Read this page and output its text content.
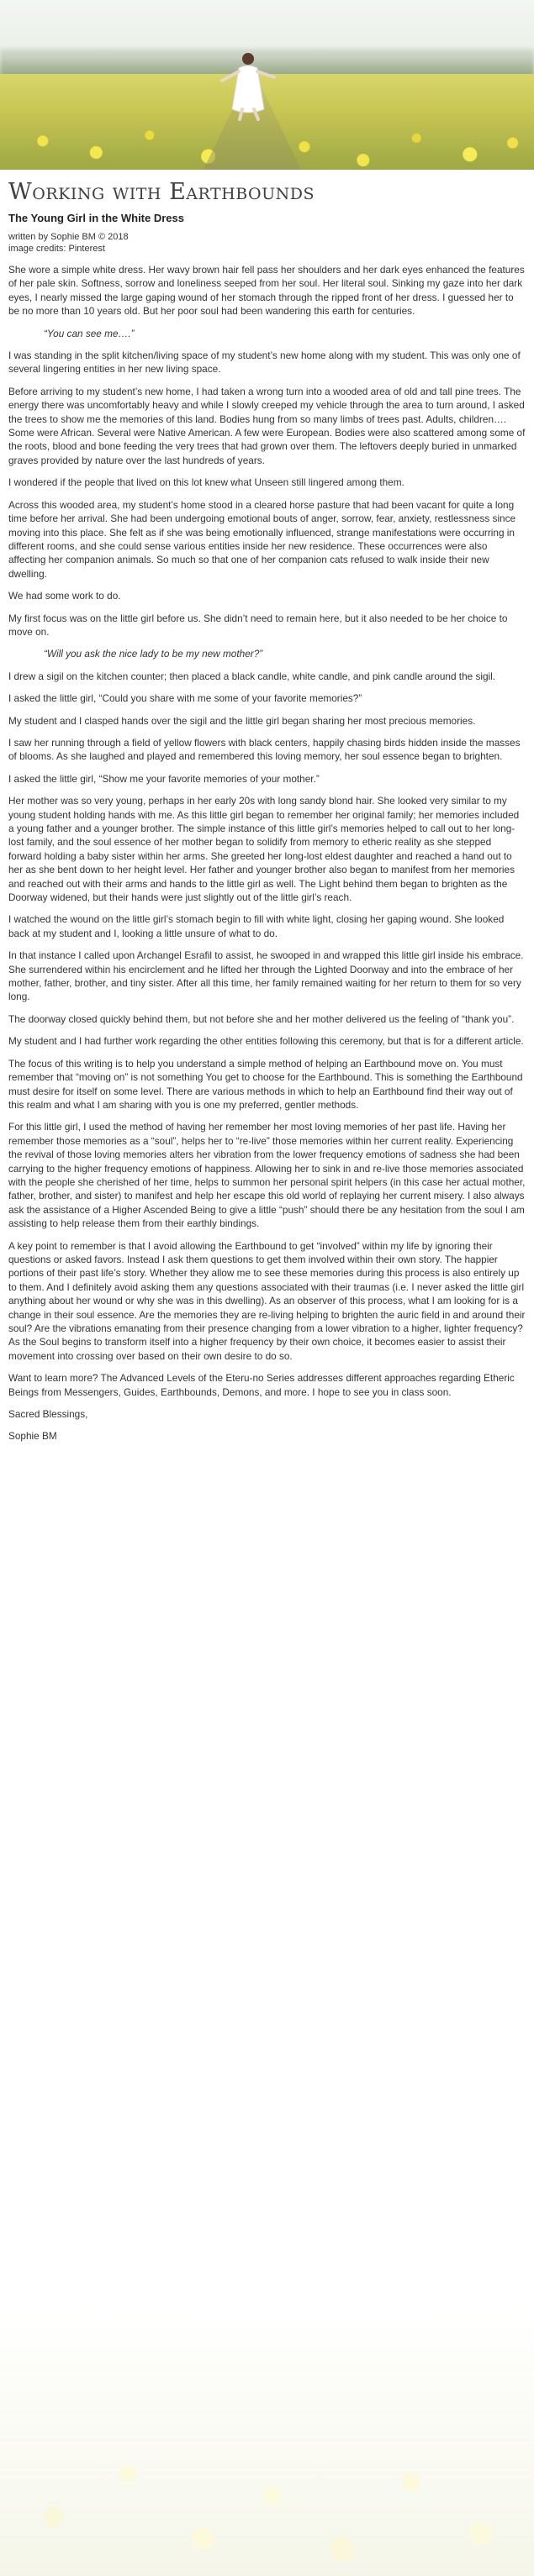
Working with Earthbounds
The Young Girl in the White Dress
written by Sophie BM © 2018
image credits: Pinterest

She wore a simple white dress. Her wavy brown hair fell pass her shoulders and her dark eyes enhanced the features of her pale skin. Softness, sorrow and loneliness seeped from her soul. Her literal soul. Sinking my gaze into her dark eyes, I nearly missed the large gaping wound of her stomach through the ripped front of her dress. I guessed her to be no more than 10 years old. But her poor soul had been wandering this earth for centuries.

“You can see me….”

I was standing in the split kitchen/living space of my student’s new home along with my student. This was only one of several lingering entities in her new living space.

Before arriving to my student’s new home, I had taken a wrong turn into a wooded area of old and tall pine trees. The energy there was uncomfortably heavy and while I slowly creeped my vehicle through the area to turn around, I asked the trees to show me the memories of this land. Bodies hung from so many limbs of trees past. Adults, children…. Some were African. Several were Native American. A few were European. Bodies were also scattered among some of the roots, blood and bone feeding the very trees that had grown over them. The leftovers deeply buried in unmarked graves provided by nature over the last hundreds of years.

I wondered if the people that lived on this lot knew what Unseen still lingered among them.

Across this wooded area, my student’s home stood in a cleared horse pasture that had been vacant for quite a long time before her arrival. She had been undergoing emotional bouts of anger, sorrow, fear, anxiety, restlessness since moving into this place. She felt as if she was being emotionally influenced, strange manifestations were occurring in different rooms, and she could sense various entities inside her new residence. These occurrences were also affecting her companion animals. So much so that one of her companion cats refused to walk inside their new dwelling.

We had some work to do.

My first focus was on the little girl before us. She didn’t need to remain here, but it also needed to be her choice to move on.

“Will you ask the nice lady to be my new mother?”

I drew a sigil on the kitchen counter; then placed a black candle, white candle, and pink candle around the sigil.

I asked the little girl, “Could you share with me some of your favorite memories?”

My student and I clasped hands over the sigil and the little girl began sharing her most precious memories.

I saw her running through a field of yellow flowers with black centers, happily chasing birds hidden inside the masses of blooms. As she laughed and played and remembered this loving memory, her soul essence began to brighten.

I asked the little girl, “Show me your favorite memories of your mother.”

Her mother was so very young, perhaps in her early 20s with long sandy blond hair. She looked very similar to my young student holding hands with me. As this little girl began to remember her original family; her memories included a young father and a younger brother. The simple instance of this little girl’s memories helped to call out to her long-lost family, and the soul essence of her mother began to solidify from memory to etheric reality as she stepped forward holding a baby sister within her arms. She greeted her long-lost eldest daughter and reached a hand out to her as she bent down to her height level. Her father and younger brother also began to manifest from her memories and reached out with their arms and hands to the little girl as well. The Light behind them began to brighten as the Doorway widened, but their hands were just slightly out of the little girl’s reach.

I watched the wound on the little girl’s stomach begin to fill with white light, closing her gaping wound. She looked back at my student and I, looking a little unsure of what to do.

In that instance I called upon Archangel Esrafil to assist, he swooped in and wrapped this little girl inside his embrace. She surrendered within his encirclement and he lifted her through the Lighted Doorway and into the embrace of her mother, father, brother, and tiny sister. After all this time, her family remained waiting for her return to them for so very long.

The doorway closed quickly behind them, but not before she and her mother delivered us the feeling of “thank you”.

My student and I had further work regarding the other entities following this ceremony, but that is for a different article.

The focus of this writing is to help you understand a simple method of helping an Earthbound move on. You must remember that “moving on” is not something You get to choose for the Earthbound. This is something the Earthbound must desire for itself on some level. There are various methods in which to help an Earthbound find their way out of this realm and what I am sharing with you is one my preferred, gentler methods.

For this little girl, I used the method of having her remember her most loving memories of her past life. Having her remember those memories as a “soul”, helps her to “re-live” those memories within her current reality. Experiencing the revival of those loving memories alters her vibration from the lower frequency emotions of sadness she had been carrying to the higher frequency emotions of happiness. Allowing her to sink in and re-live those memories associated with the people she cherished of her time, helps to summon her personal spirit helpers (in this case her actual mother, father, brother, and sister) to manifest and help her escape this old world of replaying her current misery. I also always ask the assistance of a Higher Ascended Being to give a little “push” should there be any hesitation from the soul I am assisting to help release them from their earthly bindings.

A key point to remember is that I avoid allowing the Earthbound to get “involved” within my life by ignoring their questions or asked favors. Instead I ask them questions to get them involved within their own story. The happier portions of their past life’s story. Whether they allow me to see these memories during this process is also entirely up to them. And I definitely avoid asking them any questions associated with their traumas (i.e. I never asked the little girl anything about her wound or why she was in this dwelling). As an observer of this process, what I am looking for is a change in their soul essence. Are the memories they are re-living helping to brighten the auric field in and around their soul? Are the vibrations emanating from their presence changing from a lower vibration to a higher, lighter frequency? As the Soul begins to transform itself into a higher frequency by their own choice, it becomes easier to assist their movement into crossing over based on their own desire to do so.

Want to learn more? The Advanced Levels of the Eteru-no Series addresses different approaches regarding Etheric Beings from Messengers, Guides, Earthbounds, Demons, and more. I hope to see you in class soon.

Sacred Blessings,

Sophie BM
